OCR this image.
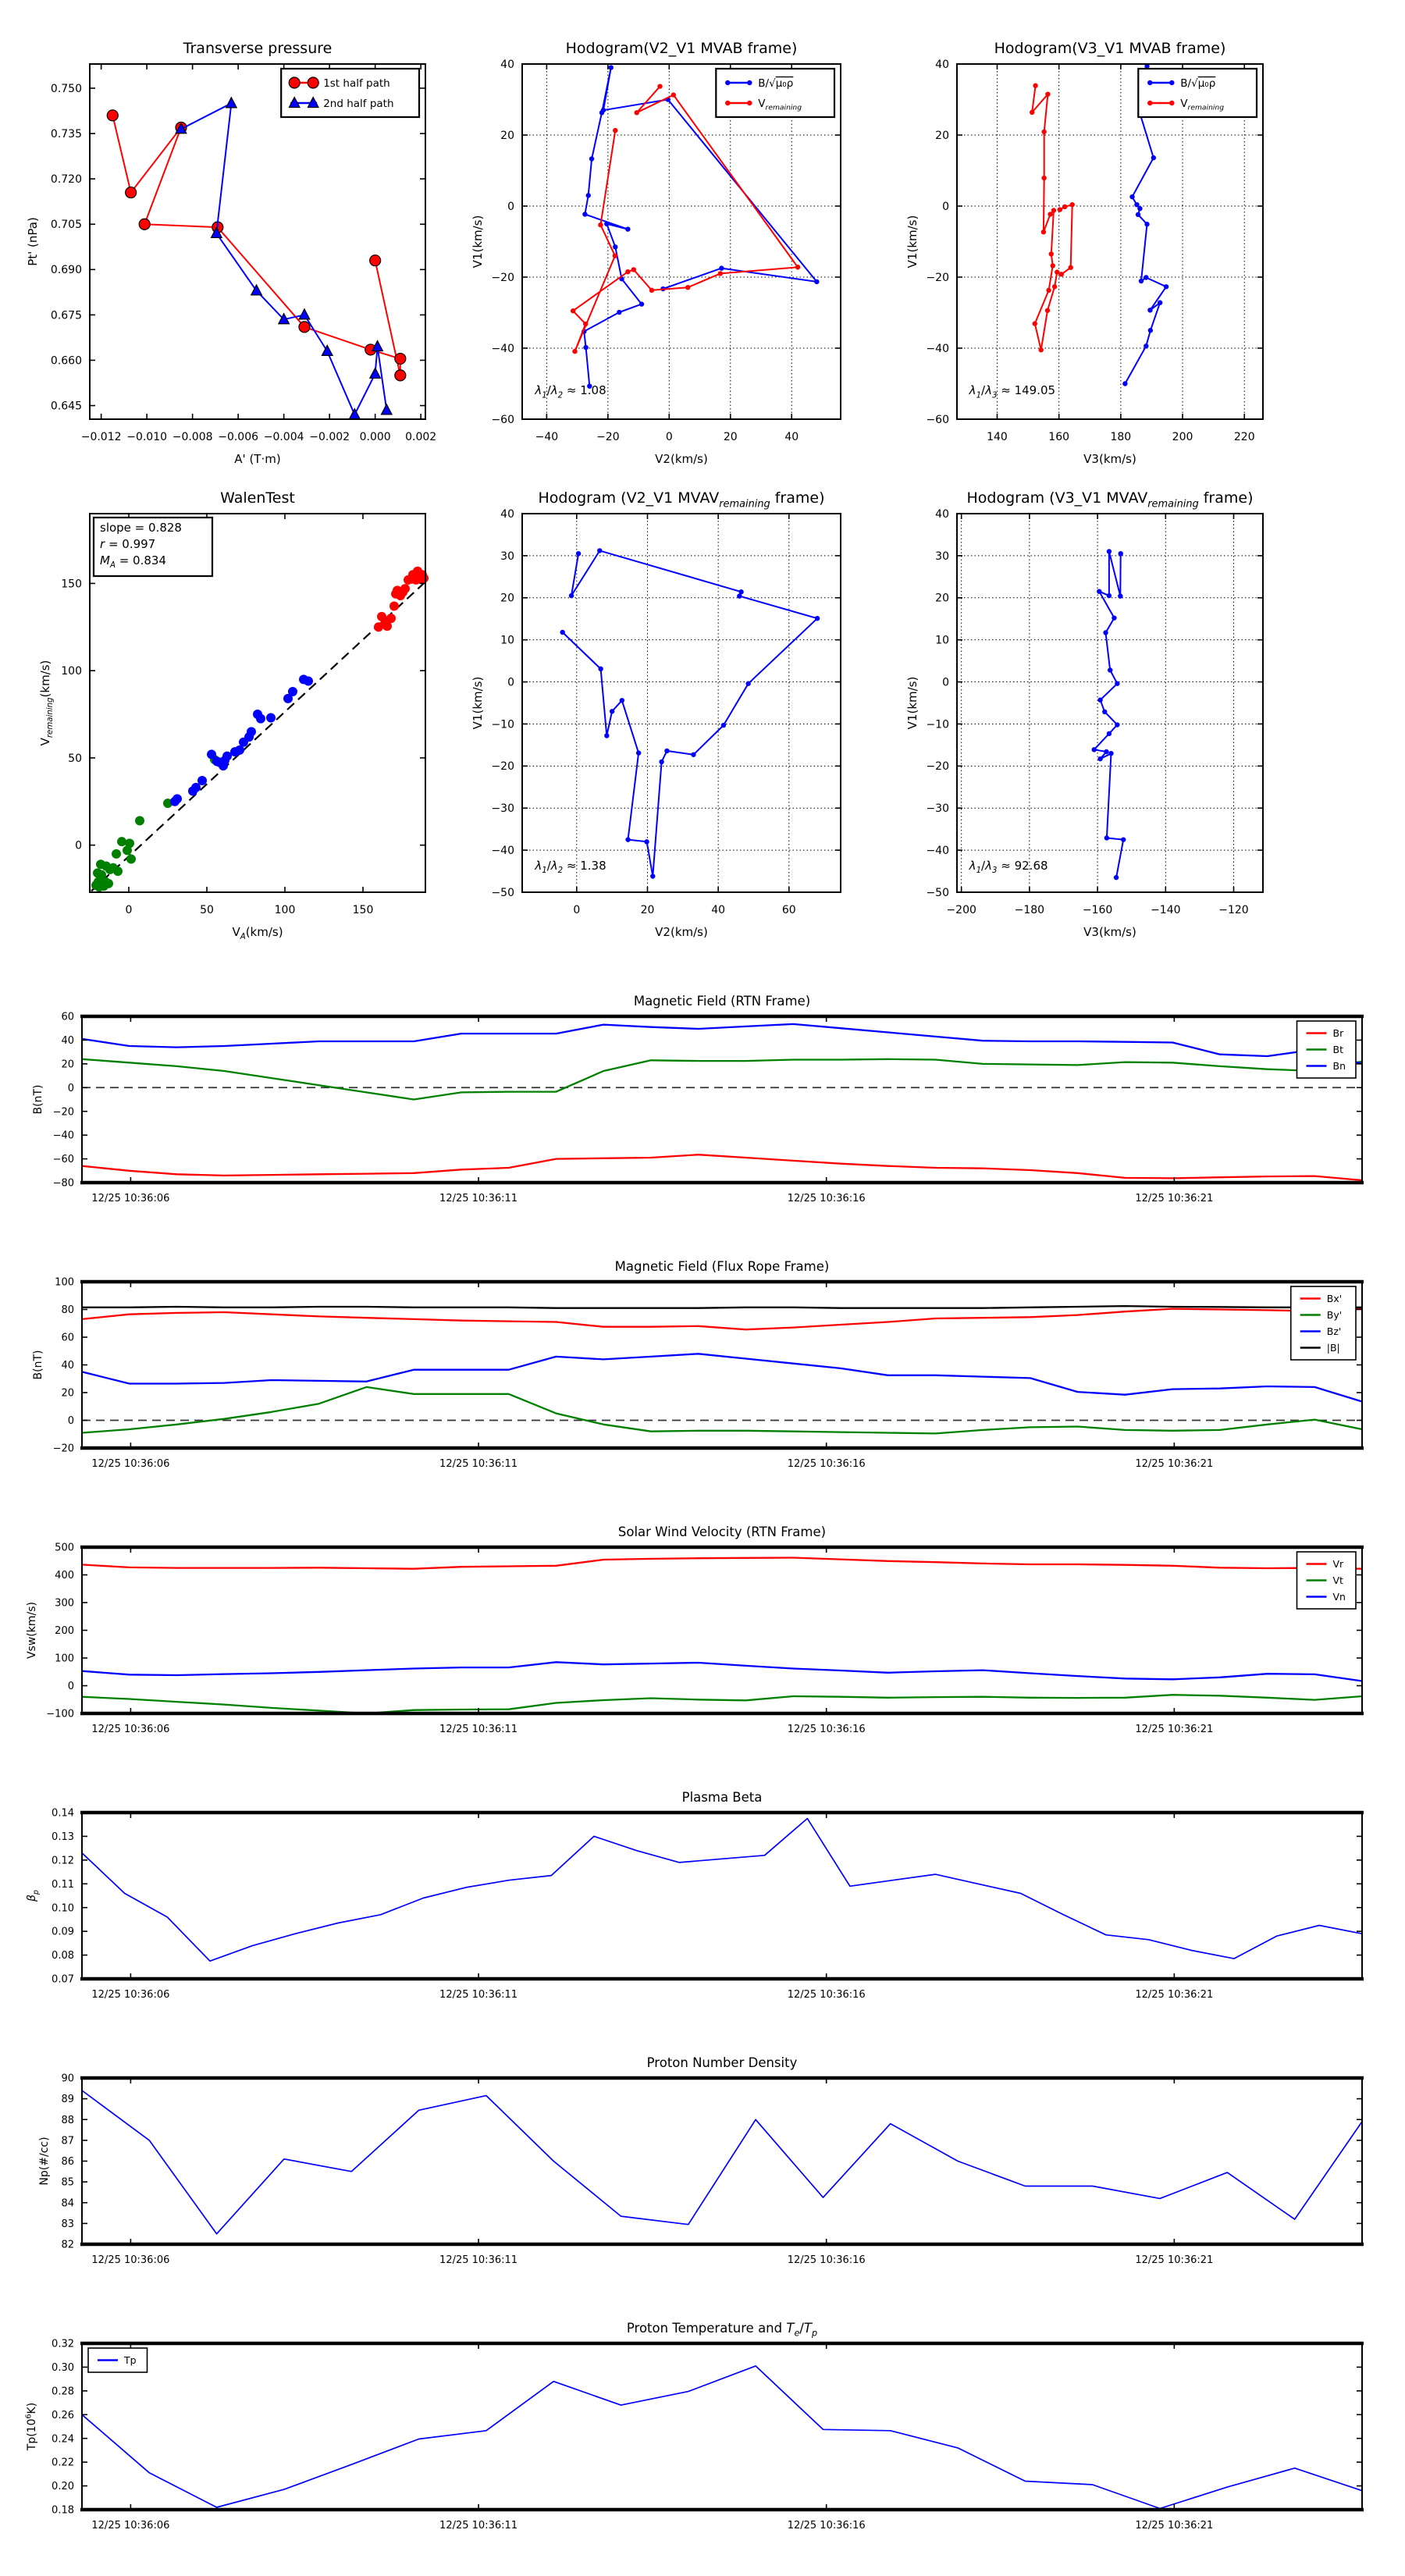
−0.012 −0.010 −0.008 −0.006 −0.004 −0.002 0.000 0.002
0.645
0.660
0.675
0.690
0.705
0.720
0.735
0.750
Transverse pressure
A' (T·m)
Pt' (nPa)
1st half path
2nd half path
−40	−20	0	20	40
−60
−40
−20
0
20
40
Hodogram(V2_V1 MVAB frame)
V2(km/s)
V1(km/s)
$\lambda_1/\lambda_2 \approx 1.08$
B/√μ₀ρ
$V_{remaining}$
140	160	180	200	220
−60
−40
−20
0
20
40
Hodogram(V3_V1 MVAB frame)
V3(km/s)
V1(km/s)
$\lambda_1/\lambda_3 \approx 149.05$
B/√μ₀ρ
$V_{remaining}$
0	50	100	150
0
50
100
150
WalenTest
$V_A(km/s)$
$V_{remaining}(km/s)$
slope = 0.828
r = 0.997
$M_A = 0.834$
0	20	40	60
−50
−40
−30
−20
−10
0
10
20
30
40
Hodogram (V2_V1 $MVAV_{remaining}$ frame)
V2(km/s)
V1(km/s)
$\lambda_1/\lambda_2 \approx 1.38$
−200	−180	−160	−140	−120
−50
−40
−30
−20
−10
0
10
20
30
40
Hodogram (V3_V1 $MVAV_{remaining}$ frame)
V3(km/s)
V1(km/s)
$\lambda_1/\lambda_3 \approx 92.68$
12/25 10:36:06	12/25 10:36:11	12/25 10:36:16	12/25 10:36:21
−80
−60
−40
−20
0
20
40
60
Magnetic Field (RTN Frame)
B(nT)
Br
Bt
Bn
12/25 10:36:06	12/25 10:36:11	12/25 10:36:16	12/25 10:36:21
−20
0
20
40
60
80
100
Magnetic Field (Flux Rope Frame)
B(nT)
Bx'
By'
Bz'
|B|
12/25 10:36:06	12/25 10:36:11	12/25 10:36:16	12/25 10:36:21
−100
0
100
200
300
400
500
Solar Wind Velocity (RTN Frame)
Vsw(km/s)
Vr
Vt
Vn
12/25 10:36:06	12/25 10:36:11	12/25 10:36:16	12/25 10:36:21
0.07
0.08
0.09
0.10
0.11
0.12
0.13
0.14
Plasma Beta
$\beta_p$
12/25 10:36:06	12/25 10:36:11	12/25 10:36:16	12/25 10:36:21
82
83
84
85
86
87
88
89
90
Proton Number Density
Np(#/cc)
12/25 10:36:06	12/25 10:36:11	12/25 10:36:16	12/25 10:36:21
0.18
0.20
0.22
0.24
0.26
0.28
0.30
0.32
Proton Temperature and $T_e/T_p$
$Tp(10^6K)$
Tp
